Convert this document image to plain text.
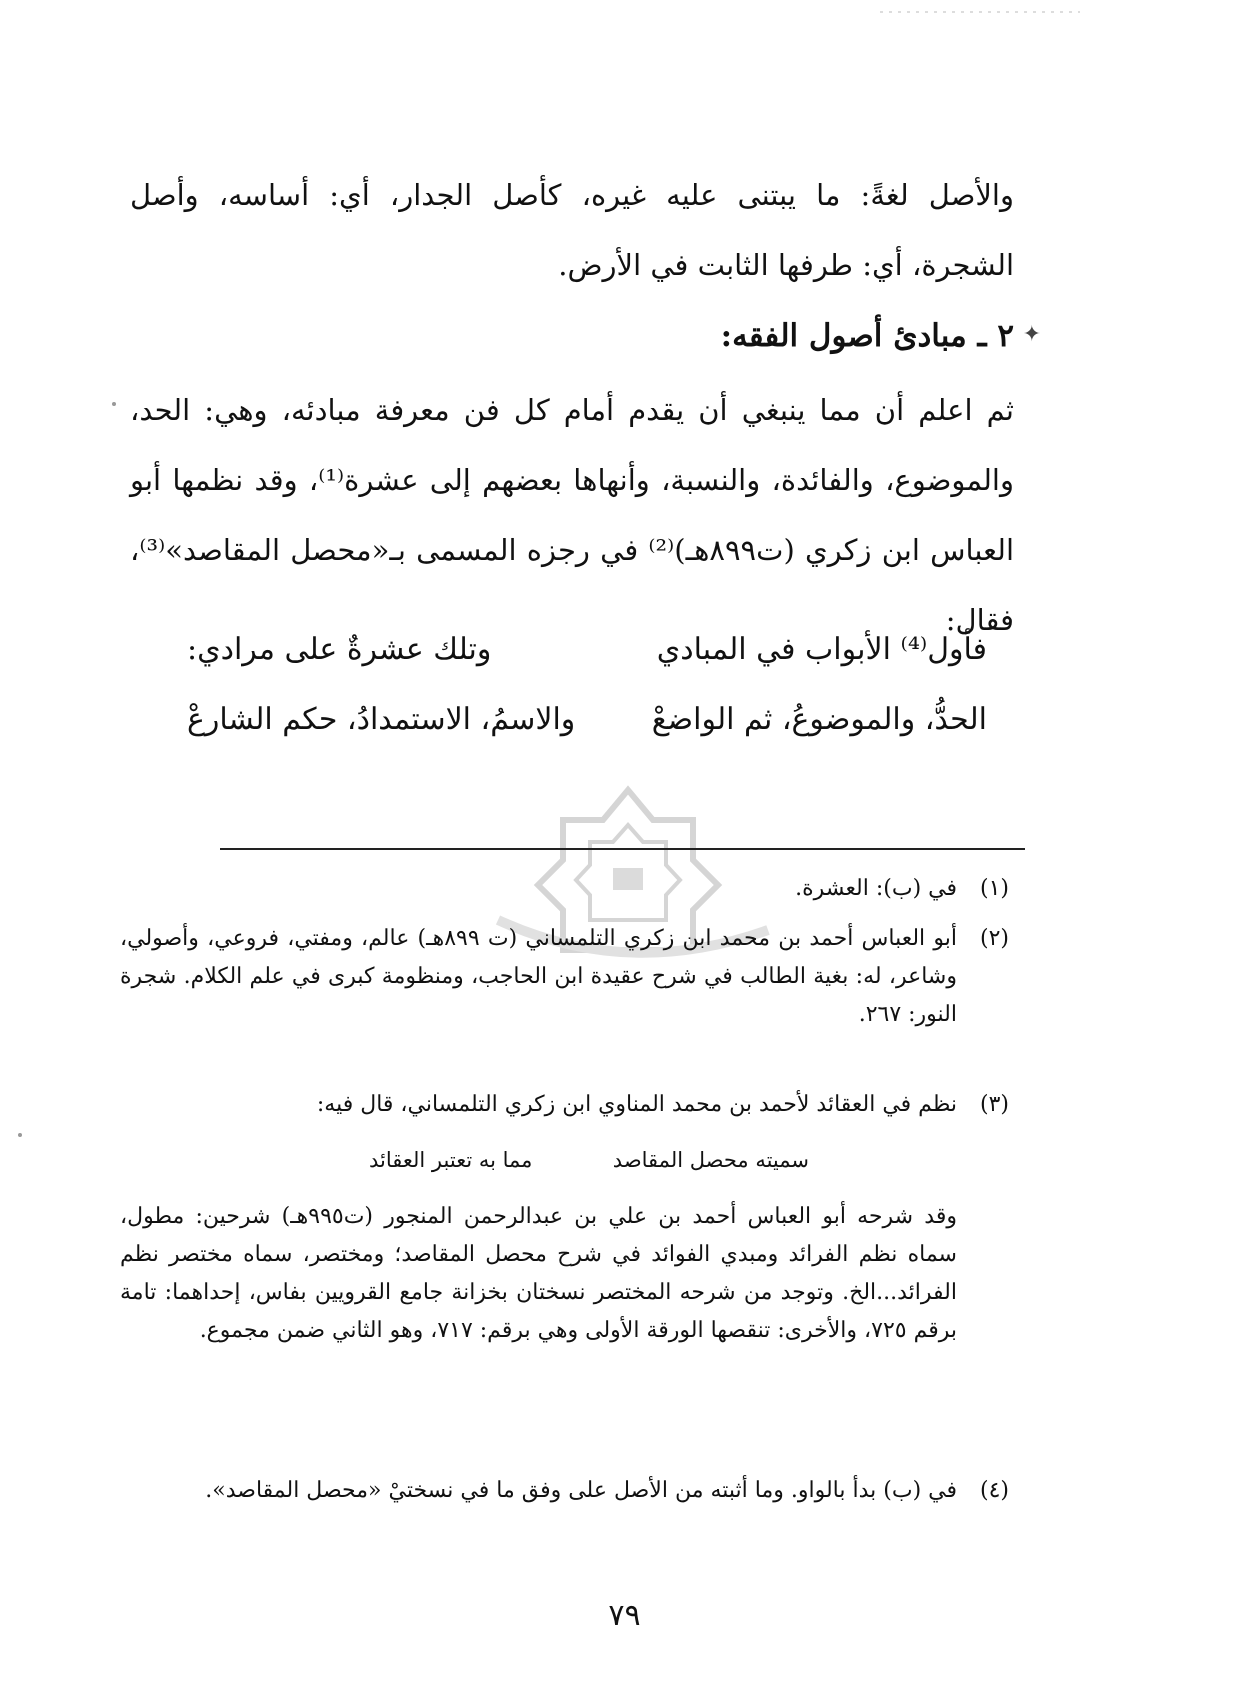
والأصل لغةً: ما يبتنى عليه غيره، كأصل الجدار، أي: أساسه، وأصل الشجرة، أي: طرفها الثابت في الأرض.
٢ ـ مبادئ أصول الفقه: ✦
ثم اعلم أن مما ينبغي أن يقدم أمام كل فن معرفة مبادئه، وهي: الحد، والموضوع، والفائدة، والنسبة، وأنهاها بعضهم إلى عشرة⁽¹⁾، وقد نظمها أبو العباس ابن زكري (ت٨٩٩هـ)⁽²⁾ في رجزه المسمى بـ«محصل المقاصد»⁽³⁾، فقال:
فأول⁽⁴⁾ الأبواب في المبادي
وتلك عشرةٌ على مرادي:
الحدُّ، والموضوعُ، ثم الواضعْ
والاسمُ، الاستمدادُ، حكم الشارعْ
(١)
في (ب): العشرة.
(٢)
أبو العباس أحمد بن محمد ابن زكري التلمساني (ت ٨٩٩هـ) عالم، ومفتي، فروعي، وأصولي، وشاعر، له: بغية الطالب في شرح عقيدة ابن الحاجب، ومنظومة كبرى في علم الكلام. شجرة النور: ٢٦٧.
(٣)
نظم في العقائد لأحمد بن محمد المناوي ابن زكري التلمساني، قال فيه:
سميته محصل المقاصد
مما به تعتبر العقائد
وقد شرحه أبو العباس أحمد بن علي بن عبدالرحمن المنجور (ت٩٩٥هـ) شرحين: مطول، سماه نظم الفرائد ومبدي الفوائد في شرح محصل المقاصد؛ ومختصر، سماه مختصر نظم الفرائد...الخ. وتوجد من شرحه المختصر نسختان بخزانة جامع القرويين بفاس، إحداهما: تامة برقم ٧٢٥، والأخرى: تنقصها الورقة الأولى وهي برقم: ٧١٧، وهو الثاني ضمن مجموع.
(٤)
في (ب) بدأ بالواو. وما أثبته من الأصل على وفق ما في نسختيْ «محصل المقاصد».
٧٩
